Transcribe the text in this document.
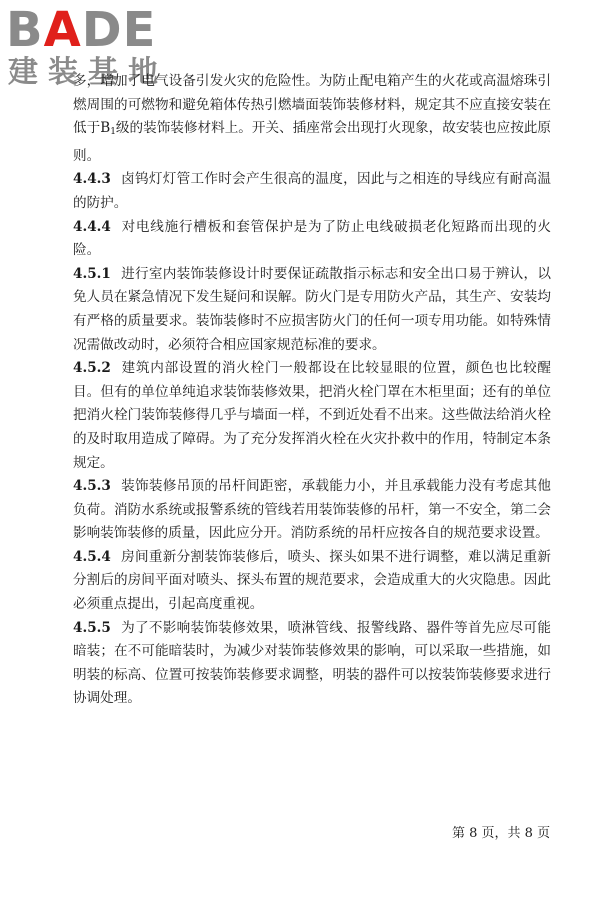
BADE
建装基地

多，增加了电气设备引发火灾的危险性。为防止配电箱产生的火花或高温熔珠引燃周围的可燃物和避免箱体传热引燃墙面装饰装修材料，规定其不应直接安装在低于$B_1$级的装饰装修材料上。开关、插座常会出现打火现象，故安装也应按此原则。

4.4.3 卤钨灯灯管工作时会产生很高的温度，因此与之相连的导线应有耐高温的防护。

4.4.4 对电线施行槽板和套管保护是为了防止电线破损老化短路而出现的火险。

4.5.1 进行室内装饰装修设计时要保证疏散指示标志和安全出口易于辨认，以免人员在紧急情况下发生疑问和误解。防火门是专用防火产品，其生产、安装均有严格的质量要求。装饰装修时不应损害防火门的任何一项专用功能。如特殊情况需做改动时，必须符合相应国家规范标准的要求。

4.5.2 建筑内部设置的消火栓门一般都设在比较显眼的位置，颜色也比较醒目。但有的单位单纯追求装饰装修效果，把消火栓门罩在木柜里面；还有的单位把消火栓门装饰装修得几乎与墙面一样，不到近处看不出来。这些做法给消火栓的及时取用造成了障碍。为了充分发挥消火栓在火灾扑救中的作用，特制定本条规定。

4.5.3 装饰装修吊顶的吊杆间距密，承载能力小，并且承载能力没有考虑其他负荷。消防水系统或报警系统的管线若用装饰装修的吊杆，第一不安全，第二会影响装饰装修的质量，因此应分开。消防系统的吊杆应按各自的规范要求设置。

4.5.4 房间重新分割装饰装修后，喷头、探头如果不进行调整，难以满足重新分割后的房间平面对喷头、探头布置的规范要求，会造成重大的火灾隐患。因此必须重点提出，引起高度重视。

4.5.5 为了不影响装饰装修效果，喷淋管线、报警线路、器件等首先应尽可能暗装；在不可能暗装时，为减少对装饰装修效果的影响，可以采取一些措施，如明装的标高、位置可按装饰装修要求调整，明装的器件可以按装饰装修要求进行协调处理。

第 8 页，共 8 页
